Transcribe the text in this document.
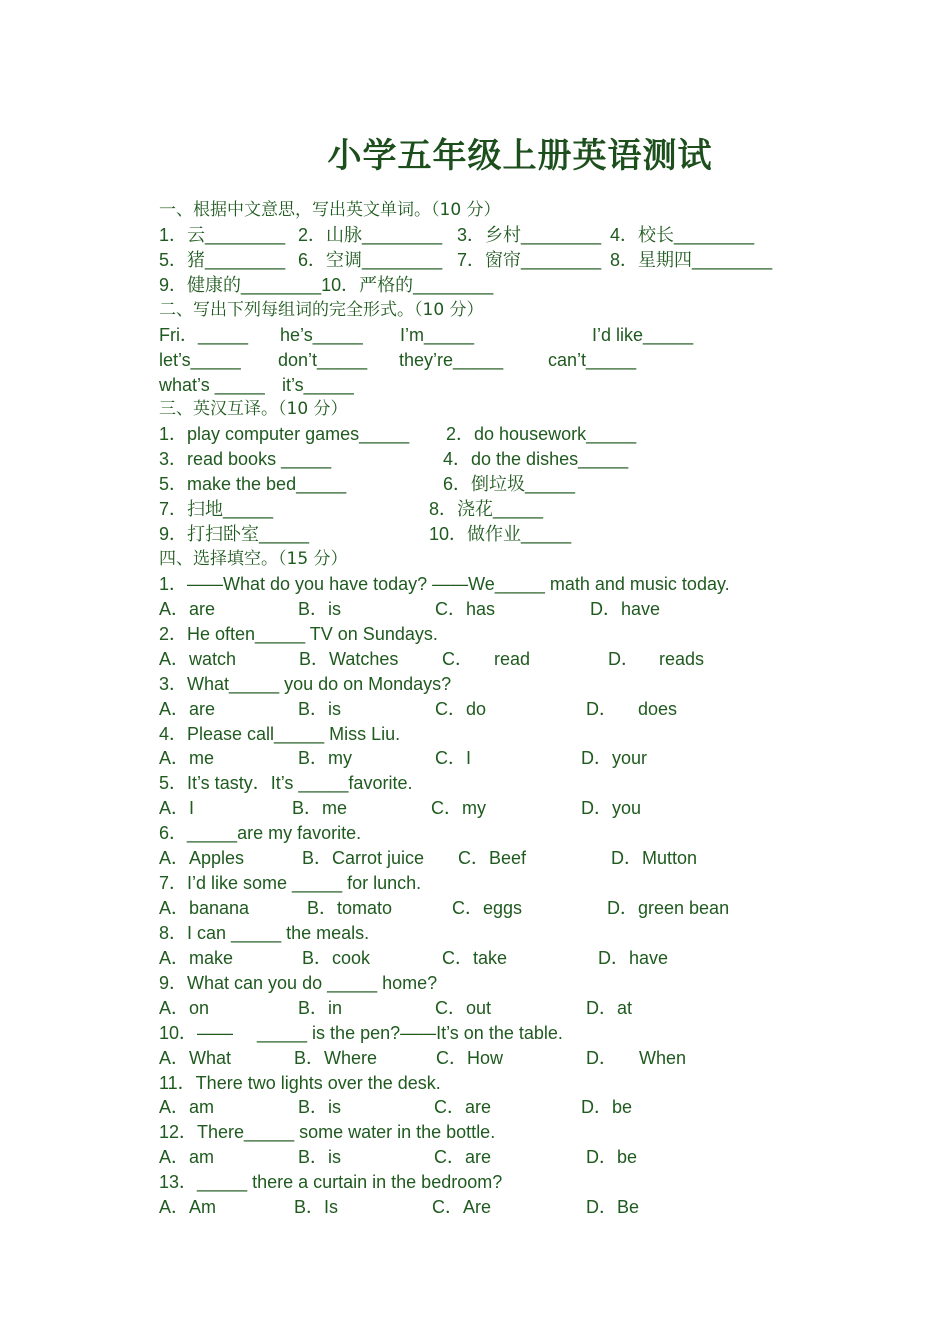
小学五年级上册英语测试
一、根据中文意思，写出英文单词。（10 分）
1．云________ 2．山脉________ 3．乡村________ 4．校长________
5．猪________ 6．空调________ 7．窗帘________ 8．星期四________
9．健康的________10．严格的________
二、写出下列每组词的完全形式。（10 分）
Fri．_____ he’s_____ I’m_____	I’d like_____
let’s_____ don’t_____ they’re_____ can’t_____
what’s _____ it’s_____
三、英汉互译。（10 分）
1．play computer games_____ 2．do housework_____
3．read books _____	4．do the dishes_____
5．make the bed_____	6．倒垃圾_____
7．扫地_____	8．浇花_____
9．打扫卧室_____	10．做作业_____
四、选择填空。（15 分）
1．——What do you have today? ——We_____ math and music today.
A．are	B．is	C．has	D．have
2．He often_____ TV on Sundays.
A．watch	B．Watches C． read	D． reads
3．What_____ you do on Mondays?
A．are	B．is	C．do	D． does
4．Please call_____ Miss Liu.
A．me	B．my	C．I	D．your
5．It’s tasty．It’s _____favorite.
A．I	B．me	C．my	D．you
6．_____are my favorite.
A．Apples	B．Carrot juice C．Beef	D．Mutton
7．I’d like some _____ for lunch.
A．banana	B．tomato	C．eggs	D．green bean
8．I can _____ the meals.
A．make	B．cook	C．take	D．have
9．What can you do _____ home?
A．on	B．in	C．out	D．at
10．—— _____ is the pen?——It’s on the table.
A．What	B．Where	C．How	D． When
11．There two lights over the desk.
A．am	B．is	C．are	D．be
12．There_____ some water in the bottle.
A．am	B．is	C．are	D．be
13．_____ there a curtain in the bedroom?
A．Am	B．Is	C．Are	D．Be
